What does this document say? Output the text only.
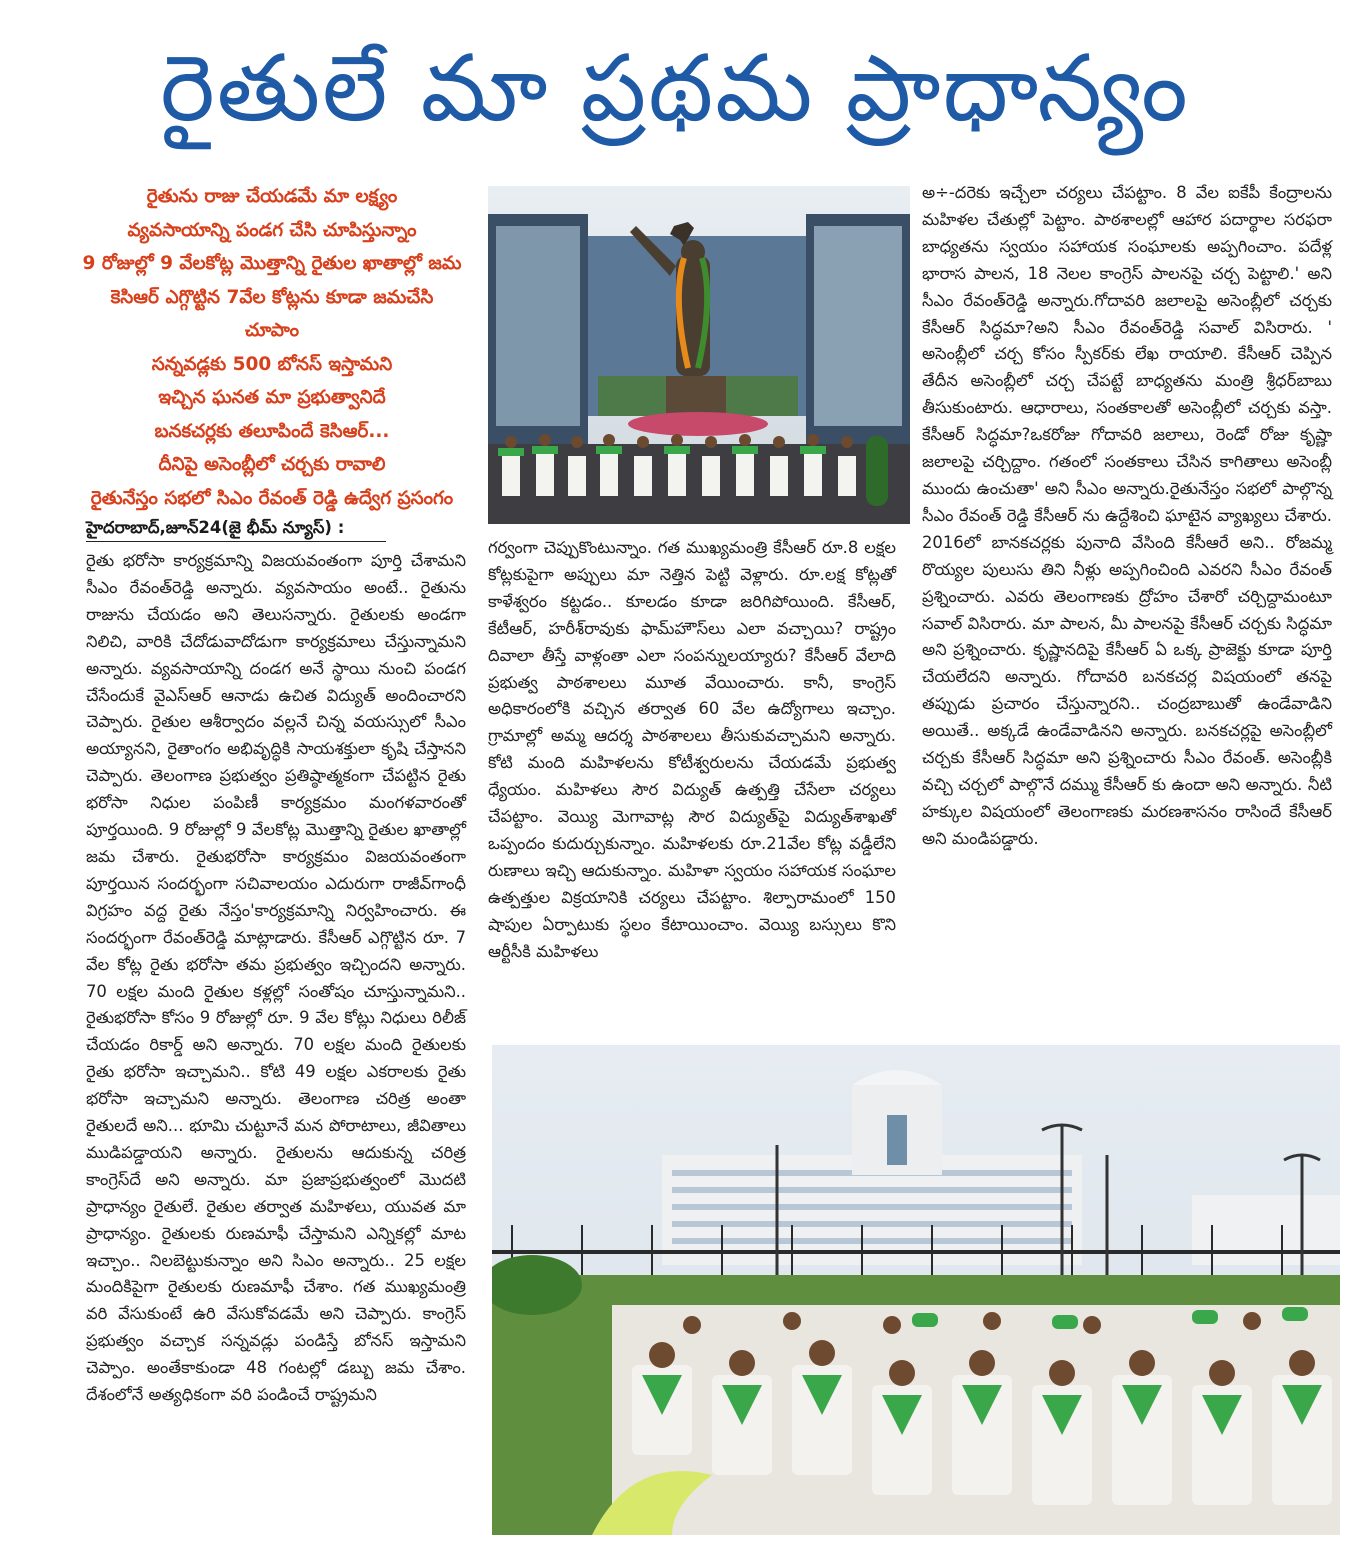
రైతులే మా ప్రథమ ప్రాధాన్యం
రైతును రాజు చేయడమే మా లక్ష్యం
వ్యవసాయాన్ని పండగ చేసి చూపిస్తున్నాం
9 రోజుల్లో 9 వేలకోట్ల మొత్తాన్ని రైతుల ఖాతాల్లో జమ
కెసిఆర్ ఎగ్గొట్టిన 7వేల కోట్లను కూడా జమచేసి
చూపాం
సన్నవడ్లకు 500 బోనస్ ఇస్తామని
ఇచ్చిన ఘనత మా ప్రభుత్వానిదే
బనకచర్లకు తలూపిందే కెసిఆర్...
దీనిపై అసెంబ్లీలో చర్చకు రావాలి
రైతునేస్తం సభలో సిఎం రేవంత్ రెడ్డి ఉద్వేగ ప్రసంగం
హైదరాబాద్,జూన్24(జై భీమ్ న్యూస్) :

రైతు భరోసా కార్యక్రమాన్ని విజయవంతంగా పూర్తి చేశామని సీఎం రేవంత్‌రెడ్డి అన్నారు. వ్యవసాయం అంటే.. రైతును రాజును చేయడం అని తెలుసన్నారు. రైతులకు అండగా నిలిచి, వారికి చేదోడువాదోడుగా కార్యక్రమాలు చేస్తున్నామని అన్నారు. వ్యవసాయాన్ని దండగ అనే స్థాయి నుంచి పండగ చేసేందుకే వైఎస్‌ఆర్‌ ఆనాడు ఉచిత విద్యుత్‌ అందించారని చెప్పారు. రైతుల ఆశీర్వాదం వల్లనే చిన్న వయస్సులో సీఎం అయ్యానని, రైతాంగం అభివృద్ధికి సాయశక్తులా కృషి చేస్తానని చెప్పారు. తెలంగాణ ప్రభుత్వం ప్రతిష్ఠాత్మకంగా చేపట్టిన రైతు భరోసా నిధుల పంపిణీ కార్యక్రమం మంగళవారంతో పూర్తయింది. 9 రోజుల్లో 9 వేలకోట్ల మొత్తాన్ని రైతుల ఖాతాల్లో జమ చేశారు. రైతుభరోసా కార్యక్రమం విజయవంతంగా పూర్తయిన సందర్భంగా సచివాలయం ఎదురుగా రాజీవ్‌గాంధీ విగ్రహం వద్ద రైతు నేస్తం'కార్యక్రమాన్ని నిర్వహించారు. ఈ సందర్భంగా రేవంత్‌రెడ్డి మాట్లాడారు. కేసీఆర్‌ ఎగ్గొట్టిన రూ. 7 వేల కోట్ల రైతు భరోసా తమ ప్రభుత్వం ఇచ్చిందని అన్నారు. 70 లక్షల మంది రైతుల కళ్లల్లో సంతోషం చూస్తున్నామని.. రైతుభరోసా కోసం 9 రోజుల్లో రూ. 9 వేల కోట్లు నిధులు రిలీజ్‌ చేయడం రికార్డ్‌ అని అన్నారు. 70 లక్షల మంది రైతులకు రైతు భరోసా ఇచ్చామని.. కోటి 49 లక్షల ఎకరాలకు రైతు భరోసా ఇచ్చామని అన్నారు. తెలంగాణ చరిత్ర అంతా రైతులదే అని... భూమి చుట్టూనే మన పోరాటాలు, జీవితాలు ముడిపడ్డాయని అన్నారు. రైతులను ఆదుకున్న చరిత్ర కాంగ్రెస్‌దే అని అన్నారు. మా ప్రజాప్రభుత్వంలో మొదటి ప్రాధాన్యం రైతులే. రైతుల తర్వాత మహిళలు, యువత మా ప్రాధాన్యం. రైతులకు రుణమాఫీ చేస్తామని ఎన్నికల్లో మాట ఇచ్చాం.. నిలబెట్టుకున్నాం అని సిఎం అన్నారు.. 25 లక్షల మందికిపైగా రైతులకు రుణమాఫీ చేశాం. గత ముఖ్యమంత్రి వరి వేసుకుంటే ఉరి వేసుకోవడమే అని చెప్పారు. కాంగ్రెస్‌ ప్రభుత్వం వచ్చాక సన్నవడ్లు పండిస్తే బోనస్‌ ఇస్తామని చెప్పాం. అంతేకాకుండా 48 గంటల్లో డబ్బు జమ చేశాం. దేశంలోనే అత్యధికంగా వరి పండించే రాష్ట్రమని

గర్వంగా చెప్పుకొంటున్నాం. గత ముఖ్యమంత్రి కేసీఆర్‌ రూ.8 లక్షల కోట్లకుపైగా అప్పులు మా నెత్తిన పెట్టి వెళ్లారు. రూ.లక్ష కోట్లతో కాళేశ్వరం కట్టడం.. కూలడం కూడా జరిగిపోయింది. కేసీఆర్‌, కేటీఆర్‌, హరీశ్‌రావుకు ఫామ్‌హౌస్‌లు ఎలా వచ్చాయి? రాష్ట్రం దివాలా తీస్తే వాళ్లంతా ఎలా సంపన్నులయ్యారు? కేసీఆర్‌ వేలాది ప్రభుత్వ పాఠశాలలు మూత వేయించారు. కానీ, కాంగ్రెస్‌ అధికారంలోకి వచ్చిన తర్వాత 60 వేల ఉద్యోగాలు ఇచ్చాం. గ్రామాల్లో అమ్మ ఆదర్శ పాఠశాలలు తీసుకువచ్చామని అన్నారు. కోటి మంది మహిళలను కోటీశ్వరులను చేయడమే ప్రభుత్వ ధ్యేయం. మహిళలు సౌర విద్యుత్‌ ఉత్పత్తి చేసేలా చర్యలు చేపట్టాం. వెయ్యి మెగావాట్ల సౌర విద్యుత్‌పై విద్యుత్‌శాఖతో ఒప్పందం కుదుర్చుకున్నాం. మహిళలకు రూ.21వేల కోట్ల వడ్డీలేని రుణాలు ఇచ్చి ఆదుకున్నాం. మహిళా స్వయం సహాయక సంఘాల ఉత్పత్తుల విక్రయానికి చర్యలు చేపట్టాం. శిల్పారామంలో 150 షాపుల ఏర్పాటుకు స్థలం కేటాయించాం. వెయ్యి బస్సులు కొని ఆర్టీసీకి మహిళలు

అ÷-దరెకు ఇచ్చేలా చర్యలు చేపట్టాం. 8 వేల ఐకేపీ కేంద్రాలను మహిళల చేతుల్లో పెట్టాం. పాఠశాలల్లో ఆహార పదార్థాల సరఫరా బాధ్యతను స్వయం సహాయక సంఘాలకు అప్పగించాం. పదేళ్ల భారాస పాలన, 18 నెలల కాంగ్రెస్‌ పాలనపై చర్చ పెట్టాలి.' అని సీఎం రేవంత్‌రెడ్డి అన్నారు.గోదావరి జలాలపై అసెంబ్లీలో చర్చకు కేసీఆర్‌ సిద్ధమా?అని సీఎం రేవంత్‌రెడ్డి సవాల్‌ విసిరారు. ' అసెంబ్లీలో చర్చ కోసం స్పీకర్‌కు లేఖ రాయాలి. కేసీఆర్‌ చెప్పిన తేదీన అసెంబ్లీలో చర్చ చేపట్టే బాధ్యతను మంత్రి శ్రీధర్‌బాబు తీసుకుంటారు. ఆధారాలు, సంతకాలతో అసెంబ్లీలో చర్చకు వస్తా. కేసీఆర్‌ సిద్ధమా?ఒకరోజు గోదావరి జలాలు, రెండో రోజు కృష్ణా జలాలపై చర్చిద్దాం. గతంలో సంతకాలు చేసిన కాగితాలు అసెంబ్లీ ముందు ఉంచుతా' అని సీఎం అన్నారు.రైతునేస్తం సభలో పాల్గొన్న సీఎం రేవంత్‌ రెడ్డి కేసీఆర్‌ ను ఉద్దేశించి ఘాటైన వ్యాఖ్యలు చేశారు. 2016లో బానకచర్లకు పునాది వేసింది కేసీఆరే అని.. రోజమ్మ రొయ్యల పులుసు తిని నీళ్లు అప్పగించింది ఎవరని సీఎం రేవంత్‌ ప్రశ్నించారు. ఎవరు తెలంగాణకు ద్రోహం చేశారో చర్చిద్దామంటూ సవాల్‌ విసిరారు. మా పాలన, మీ పాలనపై కేసీఆర్‌ చర్చకు సిద్ధమా అని ప్రశ్నించారు. కృష్ణానదిపై కేసీఆర్‌ ఏ ఒక్క ప్రాజెక్టు కూడా పూర్తి చేయలేదని అన్నారు. గోదావరి బనకచర్ల విషయంలో తనపై తప్పుడు ప్రచారం చేస్తున్నారని.. చంద్రబాబుతో ఉండేవాడిని అయితే.. అక్కడే ఉండేవాడినని అన్నారు. బనకచర్లపై అసెంబ్లీలో చర్చకు కేసీఆర్‌ సిద్ధమా అని ప్రశ్నించారు సీఎం రేవంత్‌. అసెంబ్లీకి వచ్చి చర్చలో పాల్గొనే దమ్ము కేసీఆర్‌ కు ఉందా అని అన్నారు. నీటి హక్కుల విషయంలో తెలంగాణకు మరణశాసనం రాసిందే కేసీఆర్‌ అని మండిపడ్డారు.
